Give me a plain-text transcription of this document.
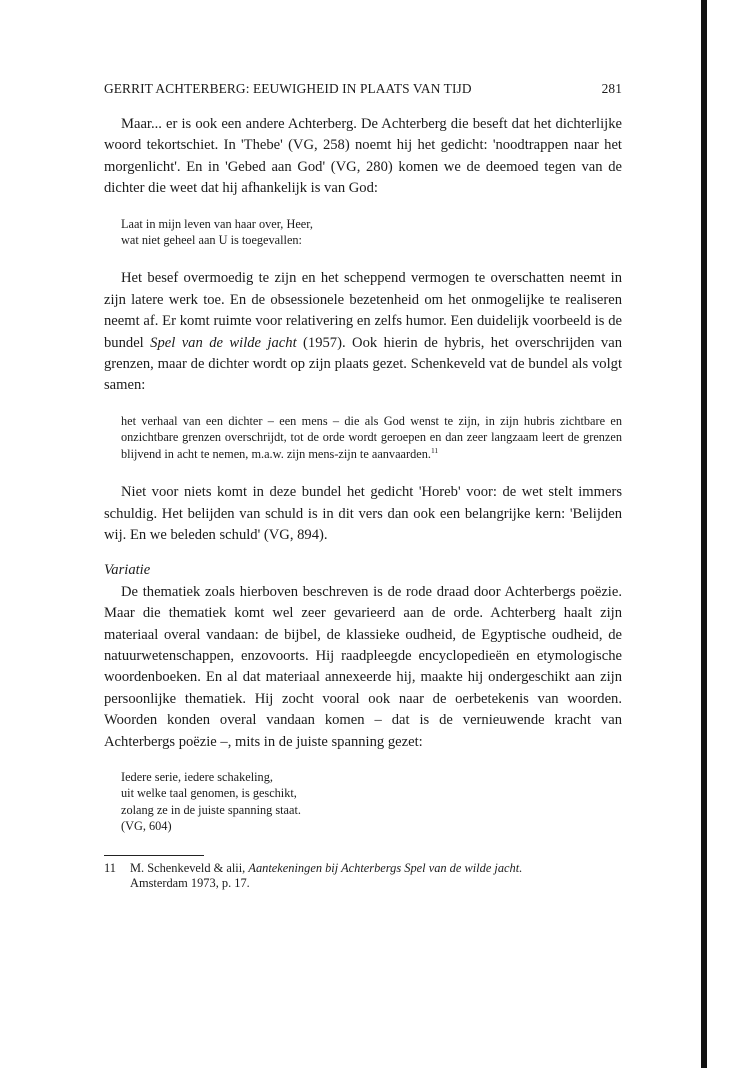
GERRIT ACHTERBERG: EEUWIGHEID IN PLAATS VAN TIJD	281

Maar... er is ook een andere Achterberg. De Achterberg die beseft dat het dichterlijke woord tekortschiet. In 'Thebe' (VG, 258) noemt hij het gedicht: 'noodtrappen naar het morgenlicht'. En in 'Gebed aan God' (VG, 280) komen we de deemoed tegen van de dichter die weet dat hij afhankelijk is van God:

Laat in mijn leven van haar over, Heer,
wat niet geheel aan U is toegevallen:

Het besef overmoedig te zijn en het scheppend vermogen te overschatten neemt in zijn latere werk toe. En de obsessionele bezetenheid om het onmogelijke te realiseren neemt af. Er komt ruimte voor relativering en zelfs humor. Een duidelijk voorbeeld is de bundel Spel van de wilde jacht (1957). Ook hierin de hybris, het overschrijden van grenzen, maar de dichter wordt op zijn plaats gezet. Schenkeveld vat de bundel als volgt samen:

het verhaal van een dichter – een mens – die als God wenst te zijn, in zijn hubris zichtbare en onzichtbare grenzen overschrijdt, tot de orde wordt geroepen en dan zeer langzaam leert de grenzen blijvend in acht te nemen, m.a.w. zijn mens-zijn te aanvaarden.$^{11}$

Niet voor niets komt in deze bundel het gedicht 'Horeb' voor: de wet stelt immers schuldig. Het belijden van schuld is in dit vers dan ook een belangrijke kern: 'Belijden wij. En we beleden schuld' (VG, 894).

Variatie

De thematiek zoals hierboven beschreven is de rode draad door Achterbergs poëzie. Maar die thematiek komt wel zeer gevarieerd aan de orde. Achterberg haalt zijn materiaal overal vandaan: de bijbel, de klassieke oudheid, de Egyptische oudheid, de natuurwetenschappen, enzovoorts. Hij raadpleegde encyclopedieën en etymologische woordenboeken. En al dat materiaal annexeerde hij, maakte hij ondergeschikt aan zijn persoonlijke thematiek. Hij zocht vooral ook naar de oerbetekenis van woorden. Woorden konden overal vandaan komen – dat is de vernieuwende kracht van Achterbergs poëzie –, mits in de juiste spanning gezet:

Iedere serie, iedere schakeling,
uit welke taal genomen, is geschikt,
zolang ze in de juiste spanning staat.
(VG, 604)
11 M. Schenkeveld & alii, Aantekeningen bij Achterbergs Spel van de wilde jacht.
Amsterdam 1973, p. 17.
